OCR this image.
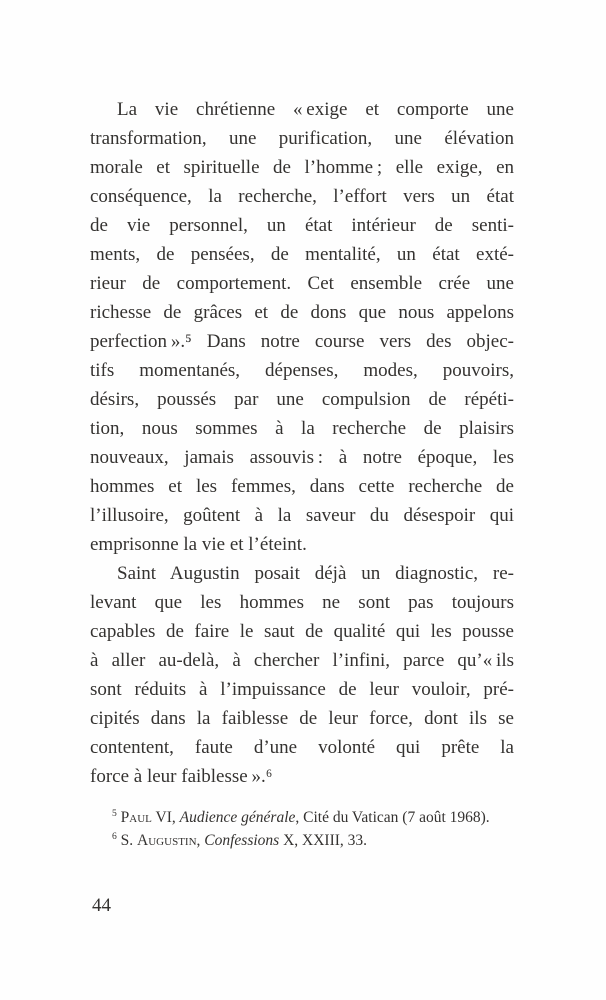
La vie chrétienne « exige et comporte une
transformation, une purification, une élévation
morale et spirituelle de l’homme ; elle exige, en
conséquence, la recherche, l’effort vers un état
de vie personnel, un état intérieur de senti-
ments, de pensées, de mentalité, un état exté-
rieur de comportement. Cet ensemble crée une
richesse de grâces et de dons que nous appelons
perfection ».⁵ Dans notre course vers des objec-
tifs momentanés, dépenses, modes, pouvoirs,
désirs, poussés par une compulsion de répéti-
tion, nous sommes à la recherche de plaisirs
nouveaux, jamais assouvis : à notre époque, les
hommes et les femmes, dans cette recherche de
l’illusoire, goûtent à la saveur du désespoir qui
emprisonne la vie et l’éteint.
Saint Augustin posait déjà un diagnostic, re-
levant que les hommes ne sont pas toujours
capables de faire le saut de qualité qui les pousse
à aller au-delà, à chercher l’infini, parce qu’« ils
sont réduits à l’impuissance de leur vouloir, pré-
cipités dans la faiblesse de leur force, dont ils se
contentent, faute d’une volonté qui prête la
force à leur faiblesse ».⁶

$^5$ Paul VI, Audience générale, Cité du Vatican (7 août 1968).

$^6$ S. Augustin, Confessions X, XXIII, 33.

44
